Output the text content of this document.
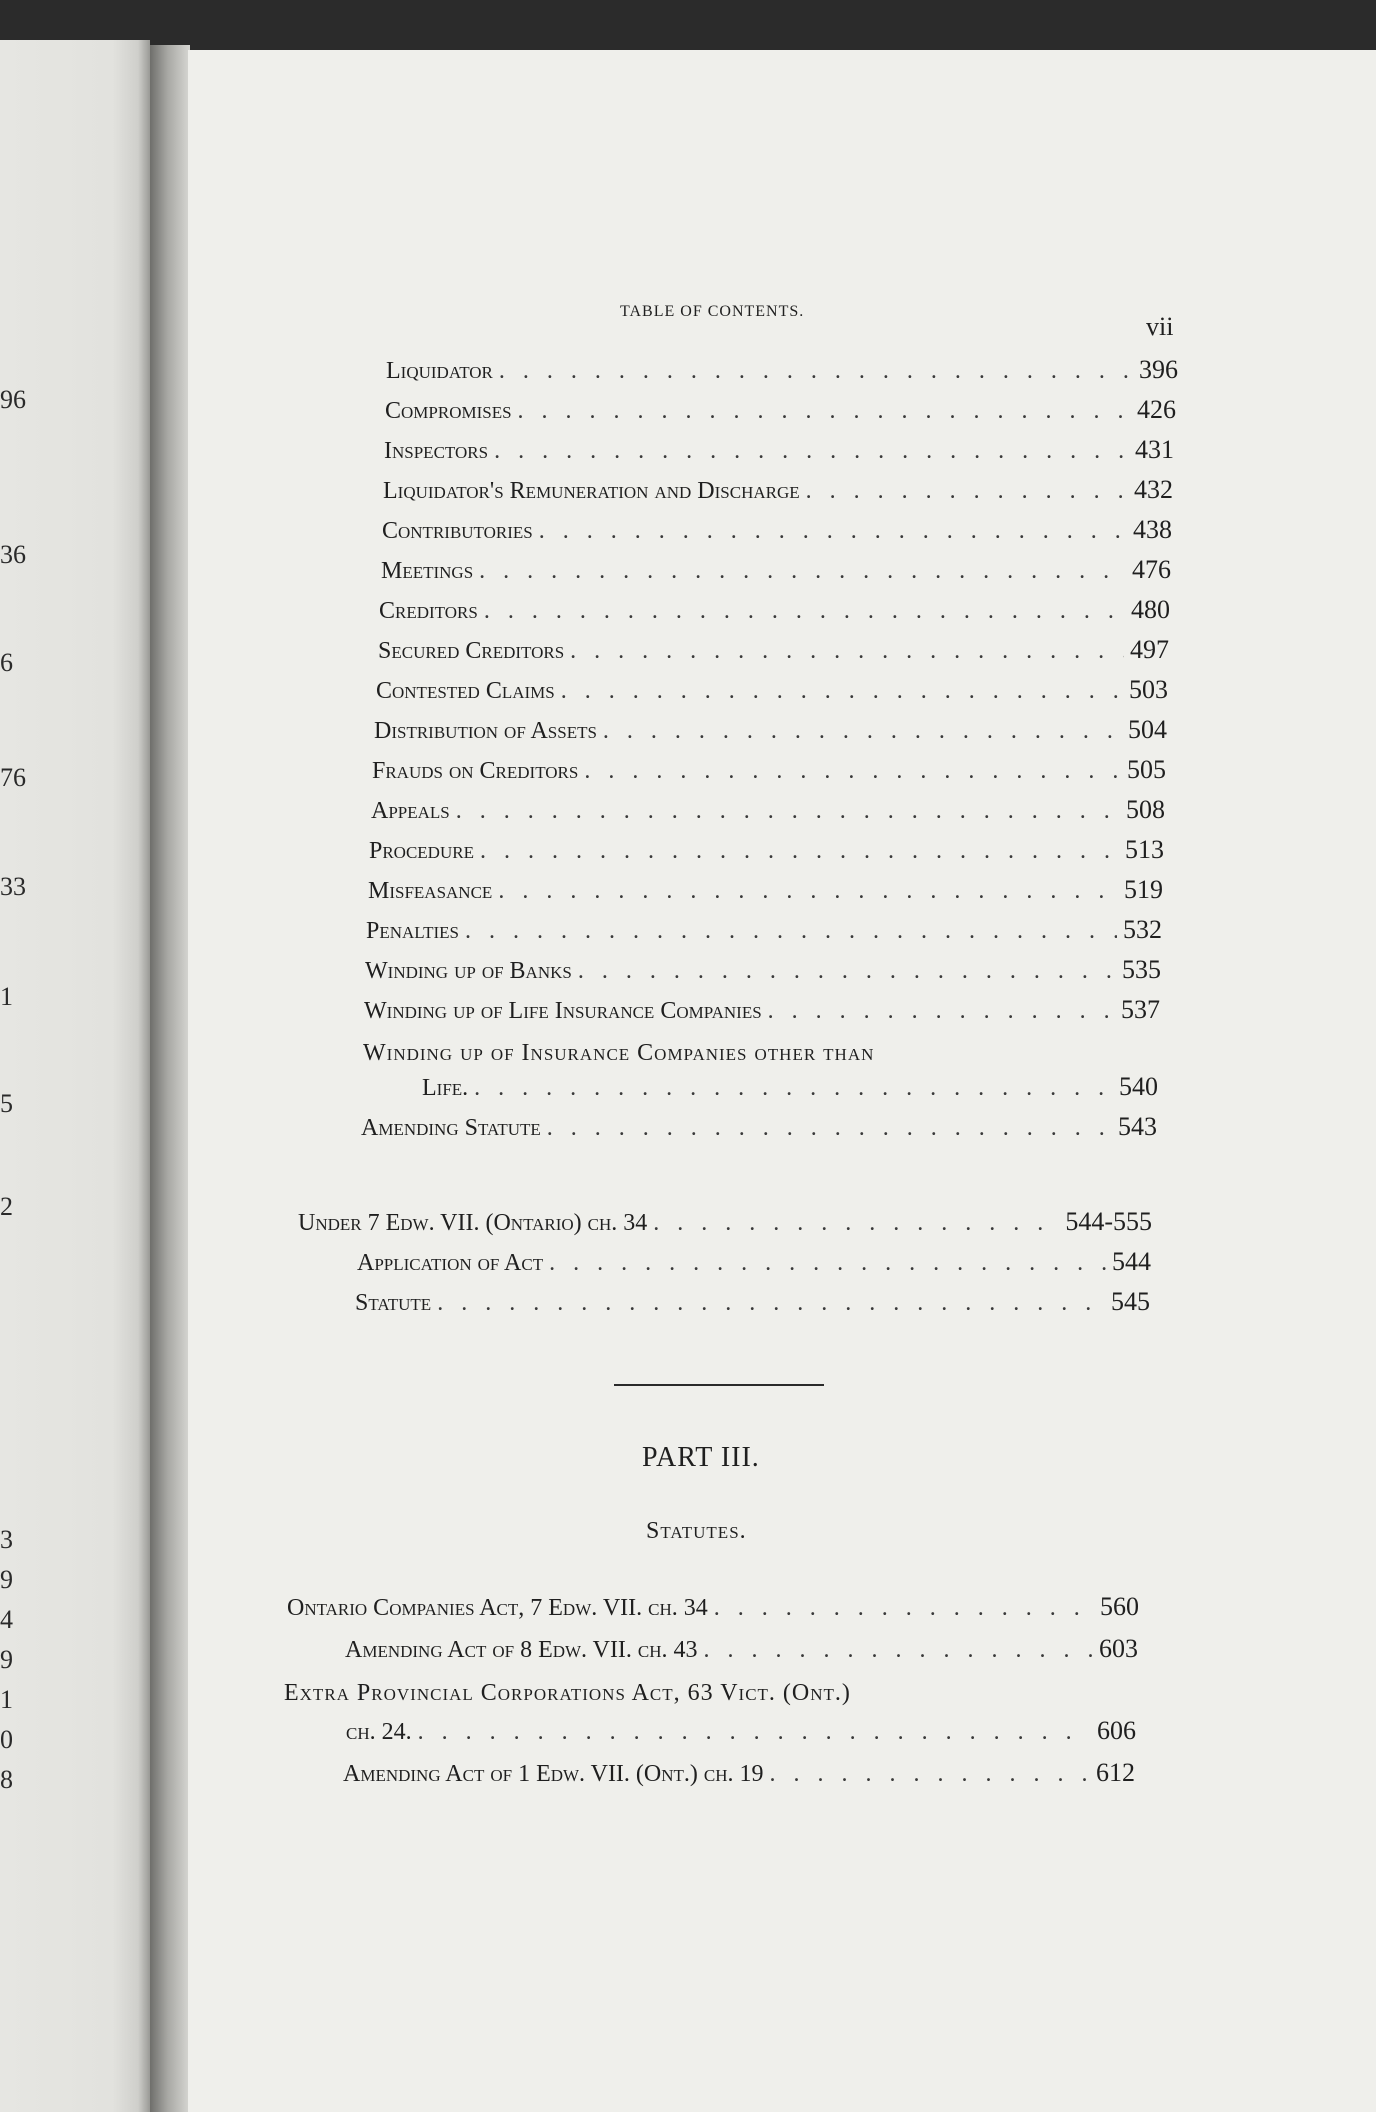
96
36
6
76
33
1
5
2
3
9
4
9
1
0
8
TABLE OF CONTENTS.
vii
Liquidator . . .	396
Compromises . . .	426
Inspectors . . .	431
Liquidator's Remuneration and Discharge . . .	432
Contributories . . .	438
Meetings . . .	476
Creditors . . .	480
Secured Creditors . . .	497
Contested Claims . . .	503
Distribution of Assets . . .	504
Frauds on Creditors . . .	505
Appeals . . .	508
Procedure . . .	513
Misfeasance . . .	519
Penalties . . .	532
Winding up of Banks . . .	535
Winding up of Life Insurance Companies . . .	537
Winding up of Insurance Companies other than
Life. . . .	540
Amending Statute . . .	543
Under 7 Edw. VII. (Ontario) ch. 34 . . .	544-555
Application of Act . . .	544
Statute . . .	545
PART III.
Statutes.
Ontario Companies Act, 7 Edw. VII. ch. 34 . . .	560
Amending Act of 8 Edw. VII. ch. 43 . . .	603
Extra Provincial Corporations Act, 63 Vict. (Ont.)
ch. 24. . . .	606
Amending Act of 1 Edw. VII. (Ont.) ch. 19 . . .	612
